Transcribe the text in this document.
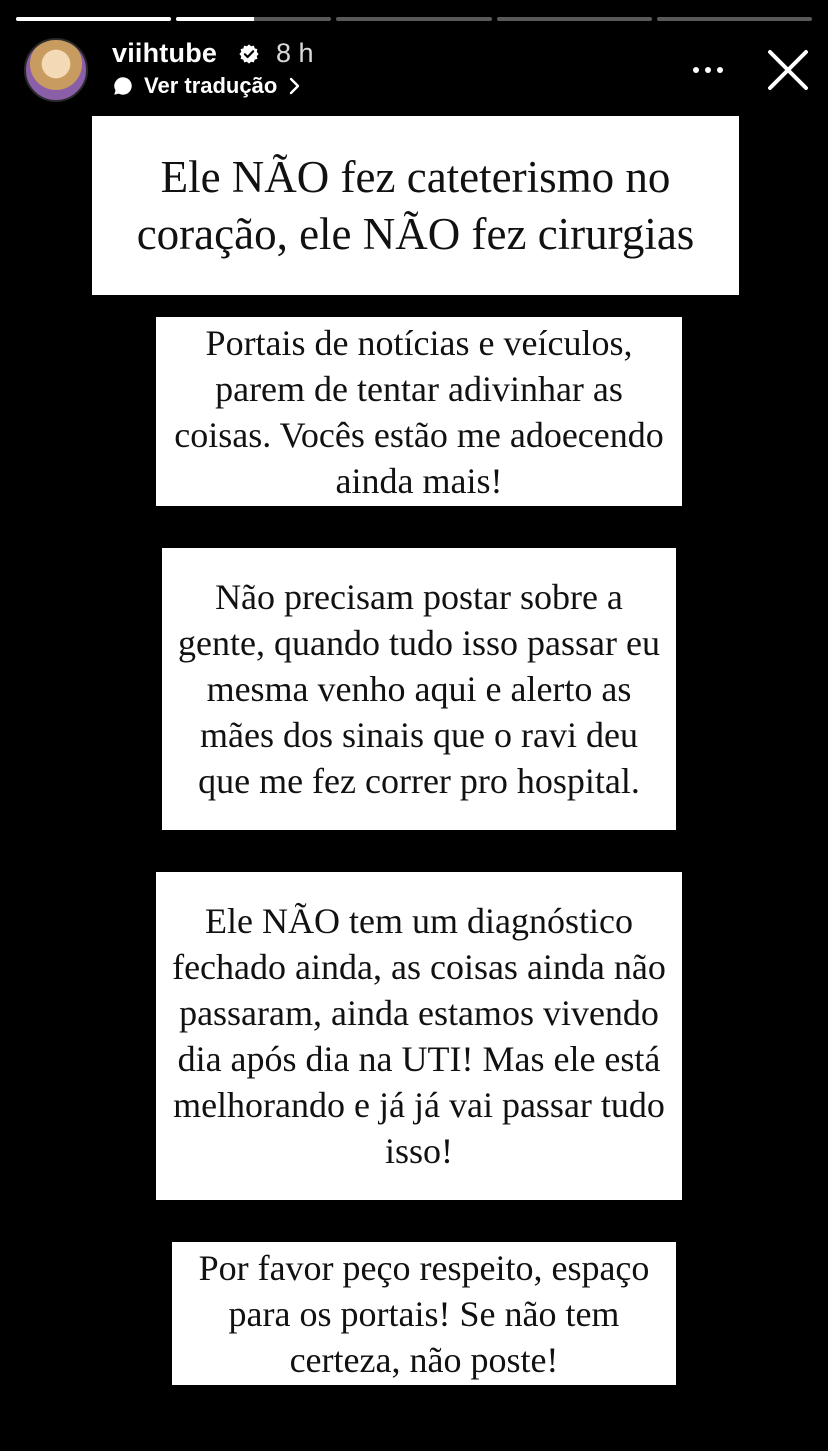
viihtube 8 h
Ver tradução
Ele NÃO fez cateterismo no coração, ele NÃO fez cirurgias
Portais de notícias e veículos, parem de tentar adivinhar as coisas. Vocês estão me adoecendo ainda mais!
Não precisam postar sobre a gente, quando tudo isso passar eu mesma venho aqui e alerto as mães dos sinais que o ravi deu que me fez correr pro hospital.
Ele NÃO tem um diagnóstico fechado ainda, as coisas ainda não passaram, ainda estamos vivendo dia após dia na UTI! Mas ele está melhorando e já já vai passar tudo isso!
Por favor peço respeito, espaço para os portais! Se não tem certeza, não poste!
